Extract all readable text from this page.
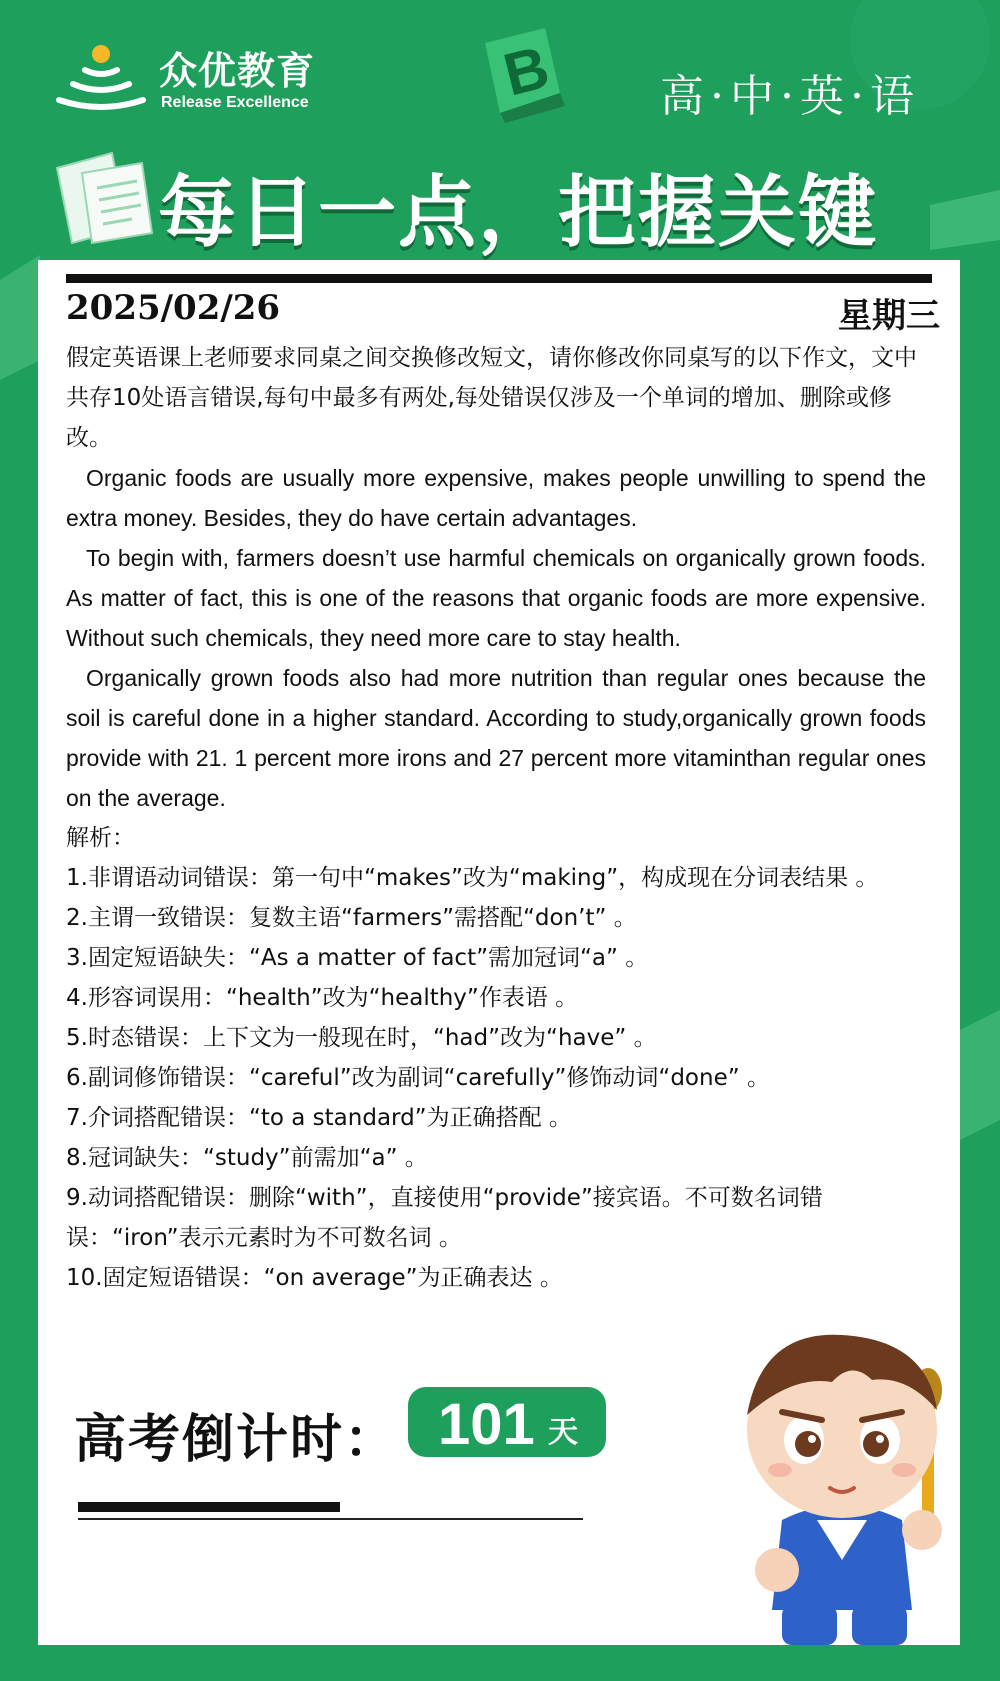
B
众优教育
Release Excellence	高·中·英·语
每日一点，把握关键
2025/02/26	星期三

假定英语课上老师要求同桌之间交换修改短文，请你修改你同桌写的以下作文，文中共存10处语言错误,每句中最多有两处,每处错误仅涉及一个单词的增加、删除或修改。

Organic foods are usually more expensive, makes people unwilling to spend the extra money. Besides, they do have certain advantages.

To begin with, farmers doesn’t use harmful chemicals on organically grown foods. As matter of fact, this is one of the reasons that organic foods are more expensive. Without such chemicals, they need more care to stay health.

Organically grown foods also had more nutrition than regular ones because the soil is careful done in a higher standard. According to study,organically grown foods provide with 21. 1 percent more irons and 27 percent more vitaminthan regular ones on the average.

解析：

1.非谓语动词错误：第一句中“makes”改为“making”，构成现在分词表结果 。

2.主谓一致错误：复数主语“farmers”需搭配“don’t” 。

3.固定短语缺失：“As a matter of fact”需加冠词“a” 。

4.形容词误用：“health”改为“healthy”作表语 。

5.时态错误：上下文为一般现在时，“had”改为“have” 。

6.副词修饰错误：“careful”改为副词“carefully”修饰动词“done” 。

7.介词搭配错误：“to a standard”为正确搭配 。

8.冠词缺失：“study”前需加“a” 。

9.动词搭配错误：删除“with”，直接使用“provide”接宾语。不可数名词错误：“iron”表示元素时为不可数名词 。

10.固定短语错误：“on average”为正确表达 。

高考倒计时： 101 天
